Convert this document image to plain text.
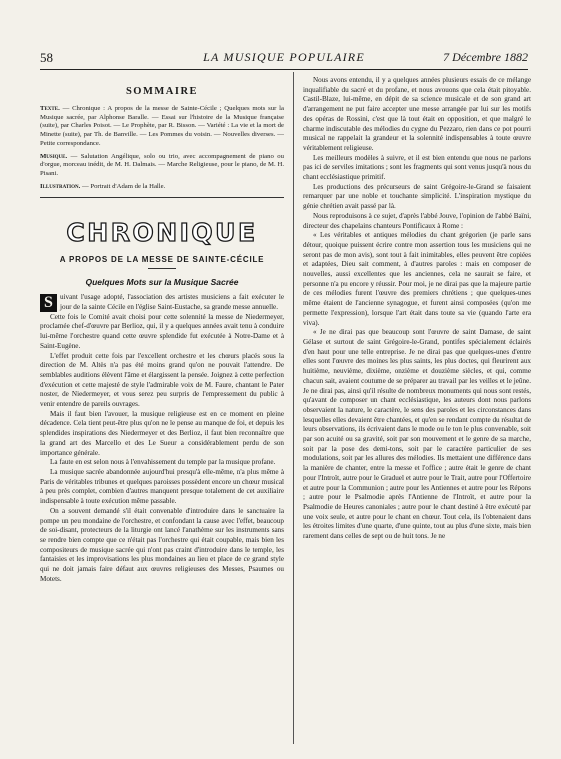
58	LA MUSIQUE POPULAIRE	7 Décembre 1882
SOMMAIRE

Texte. — Chronique : A propos de la messe de Sainte-Cécile ; Quelques mots sur la Musique sacrée, par Alphonse Baralle. — Essai sur l'histoire de la Musique française (suite), par Charles Poisot. — Le Prophète, par R. Bisson. — Variété : La vie et la mort de Minette (suite), par Th. de Banville. — Les Pommes du voisin. — Nouvelles diverses. — Petite correspondance.

Musique. — Salutation Angélique, solo ou trio, avec accompagnement de piano ou d'orgue, morceau inédit, de M. H. Dalmais. — Marche Religieuse, pour le piano, de M. H. Pisani.

Illustration. — Portrait d'Adam de la Halle.

CHRONIQUE
A PROPOS DE LA MESSE DE SAINTE-CÉCILE
Quelques Mots sur la Musique Sacrée

S uivant l'usage adopté, l'association des artistes musiciens a fait exécuter le jour de la sainte Cécile en l'église Saint-Eustache, sa grande messe annuelle.

Cette fois le Comité avait choisi pour cette solennité la messe de Niedermeyer, proclamée chef-d'œuvre par Berlioz, qui, il y a quelques années avait tenu à conduire lui-même l'orchestre quand cette œuvre splendide fut exécutée à Notre-Dame et à Saint-Eugène.

L'effet produit cette fois par l'excellent orchestre et les chœurs placés sous la direction de M. Altès n'a pas été moins grand qu'on ne pouvait l'attendre. De semblables auditions élèvent l'âme et élargissent la pensée. Joignez à cette perfection d'exécution et cette majesté de style l'admirable voix de M. Faure, chantant le Pater noster, de Niedermeyer, et vous serez peu surpris de l'empressement du public à venir entendre de pareils ouvrages.

Mais il faut bien l'avouer, la musique religieuse est en ce moment en pleine décadence. Cela tient peut-être plus qu'on ne le pense au manque de foi, et depuis les splendides inspirations des Niedermeyer et des Berlioz, il faut bien reconnaître que la grand art des Marcello et des Le Sueur a considérablement perdu de son importance générale.

La faute en est selon nous à l'envahissement du temple par la musique profane.

La musique sacrée abandonnée aujourd'hui presqu'à elle-même, n'a plus même à Paris de véritables tribunes et quelques paroisses possèdent encore un chœur musical à peu près complet, combien d'autres manquent presque totalement de cet auxiliaire indispensable à toute exécution même passable.

On a souvent demandé s'il était convenable d'introduire dans le sanctuaire la pompe un peu mondaine de l'orchestre, et confondant la cause avec l'effet, beaucoup de soi-disant, protecteurs de la liturgie ont lancé l'anathème sur les instruments sans se rendre bien compte que ce n'était pas l'orchestre qui était coupable, mais bien les compositeurs de musique sacrée qui n'ont pas craint d'introduire dans le temple, les fantaisies et les improvisations les plus mondaines au lieu et place de ce grand style qui ne doit jamais faire défaut aux œuvres religieuses des Messes, Psaumes ou Motets.

Nous avons entendu, il y a quelques années plusieurs essais de ce mélange inqualifiable du sacré et du profane, et nous avouons que cela était pitoyable. Castil-Blaze, lui-même, en dépit de sa science musicale et de son grand art d'arrangement ne put faire accepter une messe arrangée par lui sur les motifs des opéras de Rossini, c'est que là tout était en opposition, et que malgré le charme indiscutable des mélodies du cygne du Pezzaro, rien dans ce pot pourri musical ne rappelait la grandeur et la solennité indispensables à toute œuvre véritablement religieuse.

Les meilleurs modèles à suivre, et il est bien entendu que nous ne parlons pas ici de serviles imitations ; sont les fragments qui sont venus jusqu'à nous du chant ecclésiastique primitif.

Les productions des précurseurs de saint Grégoire-le-Grand se faisaient remarquer par une noble et touchante simplicité. L'inspiration mystique du génie chrétien avait passé par là.

Nous reproduisons à ce sujet, d'après l'abbé Jouve, l'opinion de l'abbé Baïni, directeur des chapelains chanteurs Pontificaux à Rome :

« Les véritables et antiques mélodies du chant grégorien (je parle sans détour, quoique puissent écrire contre mon assertion tous les musiciens qui ne seront pas de mon avis), sont tout à fait inimitables, elles peuvent être copiées et adaptées, Dieu sait comment, à d'autres paroles : mais en composer de nouvelles, aussi excellentes que les anciennes, cela ne saurait se faire, et personne n'a pu encore y réussir. Pour moi, je ne dirai pas que la majeure partie de ces mélodies furent l'œuvre des premiers chrétiens ; que quelques-unes même étaient de l'ancienne synagogue, et furent ainsi composées (qu'on me permette l'expression), lorsque l'art était dans toute sa vie (quando l'arte era viva).

« Je ne dirai pas que beaucoup sont l'œuvre de saint Damase, de saint Gélase et surtout de saint Grégoire-le-Grand, pontifes spécialement éclairés d'en haut pour une telle entreprise. Je ne dirai pas que quelques-unes d'entre elles sont l'œuvre des moines les plus saints, les plus doctes, qui fleurirent aux huitième, neuvième, dixième, onzième et douzième siècles, et qui, comme chacun sait, avaient coutume de se préparer au travail par les veilles et le jeûne. Je ne dirai pas, ainsi qu'il résulte de nombreux monuments qui nous sont restés, qu'avant de composer un chant ecclésiastique, les auteurs dont nous parlons observaient la nature, le caractère, le sens des paroles et les circonstances dans lesquelles elles devaient être chantées, et qu'en se rendant compte du résultat de leurs observations, ils écrivaient dans le mode ou le ton le plus convenable, soit par son acuité ou sa gravité, soit par son mouvement et le genre de sa marche, soit par la pose des demi-tons, soit par le caractère particulier de ses modulations, soit par les allures des mélodies. Ils mettaient une différence dans la manière de chanter, entre la messe et l'office ; autre était le genre de chant pour l'Introït, autre pour le Graduel et autre pour le Trait, autre pour l'Offertoire et autre pour la Communion ; autre pour les Antiennes et autre pour les Répons ; autre pour le Psalmodie après l'Antienne de l'Introït, et autre pour la Psalmodie de Heures canoniales ; autre pour le chant destiné à être exécuté par une voix seule, et autre pour le chant en chœur. Tout cela, ils l'obtenaient dans les étroites limites d'une quarte, d'une quinte, tout au plus d'une sixte, mais bien rarement dans celles de sept ou de huit tons. Je ne
